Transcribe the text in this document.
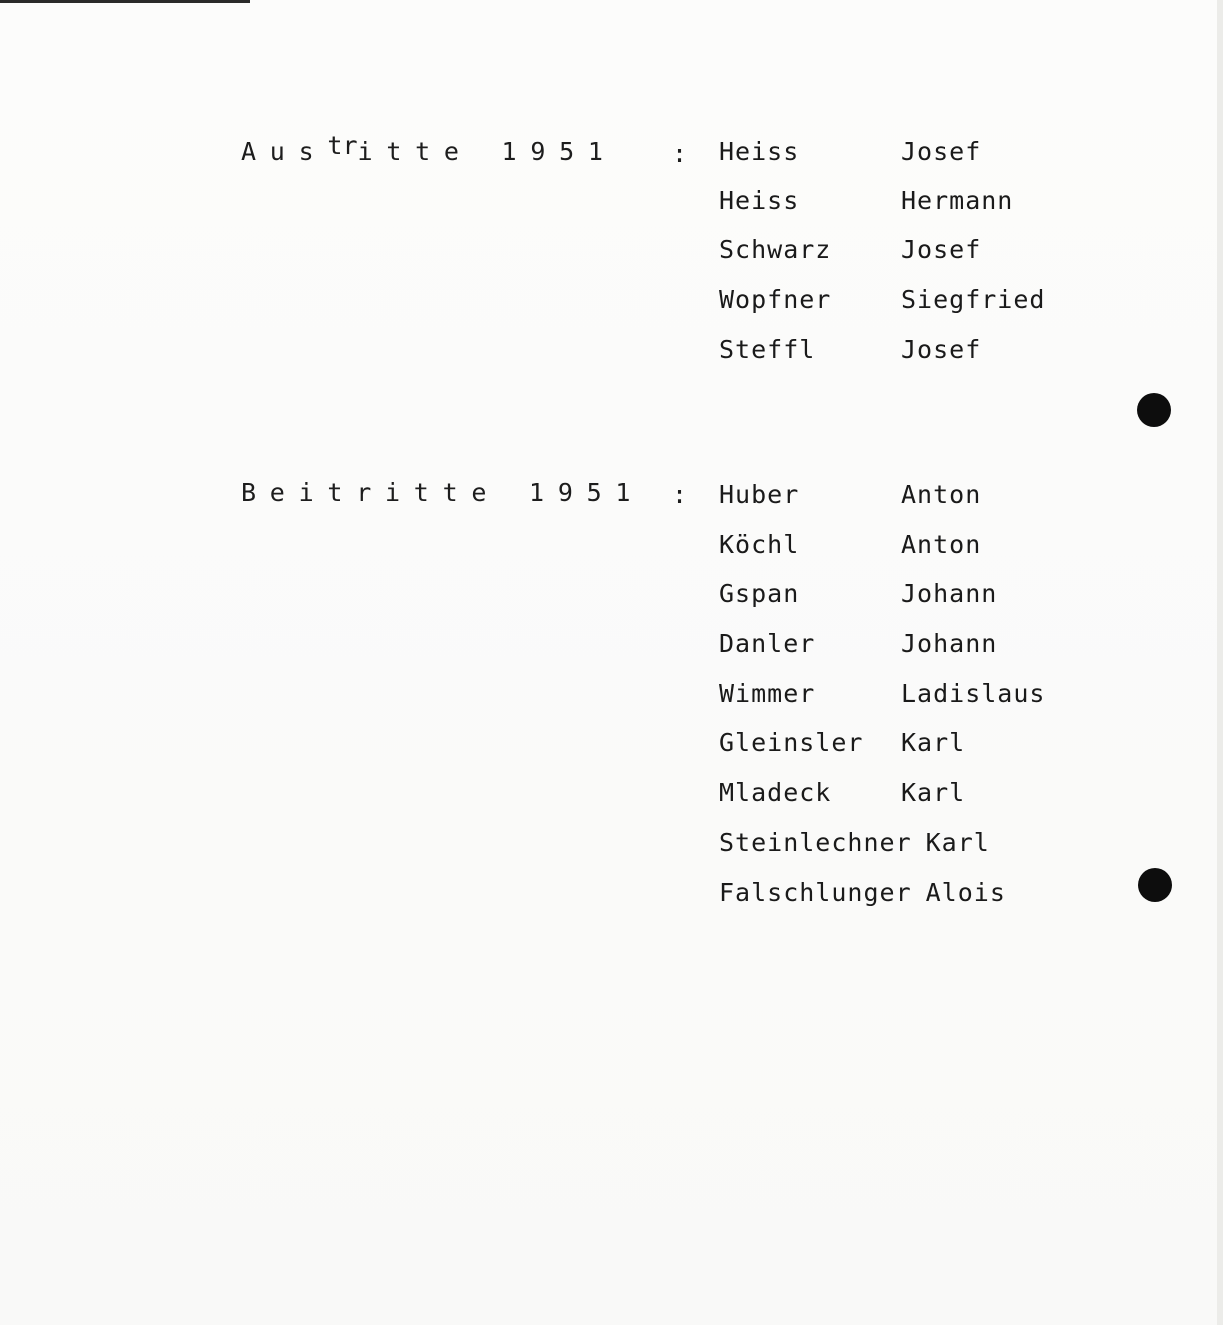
Austritte 1951 : Heiss	Josef
Heiss	Hermann
Schwarz	Josef
Wopfner	Siegfried
Steffl	Josef
Beitritte 1951 : Huber	Anton
Köchl	Anton
Gspan	Johann
Danler	Johann
Wimmer	Ladislaus
Gleinsler Karl
Mladeck	Karl
Steinlechner Karl
Falschlunger Alois
